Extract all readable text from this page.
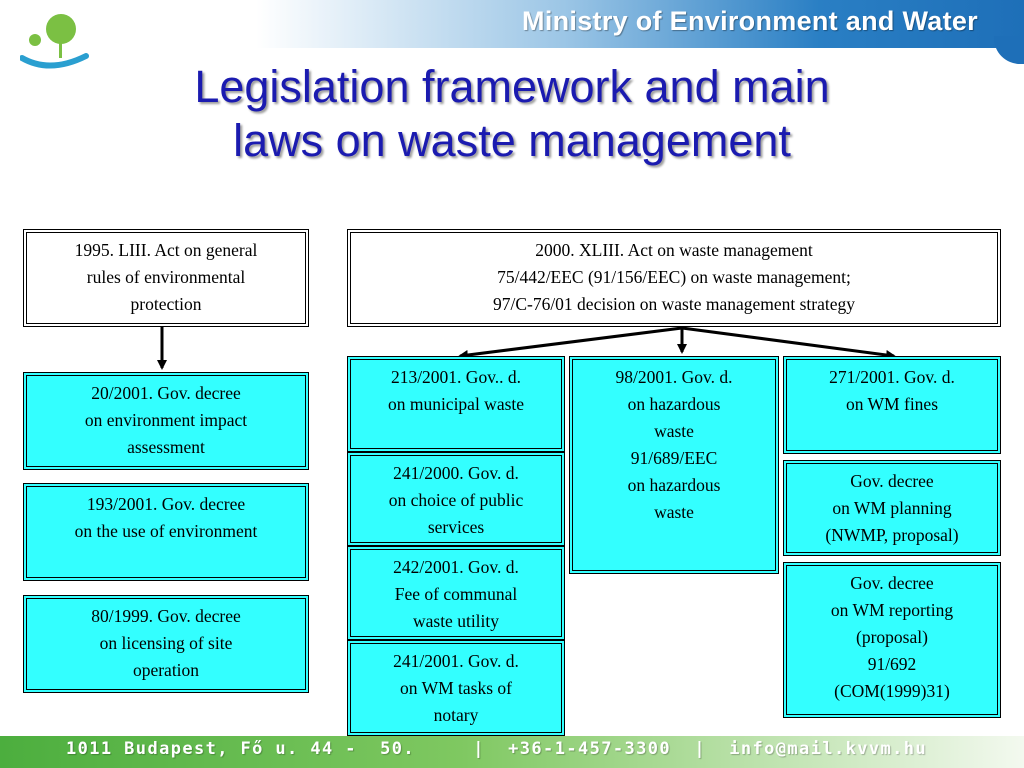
Ministry of Environment and Water
Legislation framework and main
laws on waste management
1995. LIII. Act on general
rules of environmental
protection
20/2001. Gov. decree
on environment impact
assessment
193/2001. Gov. decree
on the use of environment
80/1999. Gov. decree
on licensing of site
operation
2000. XLIII. Act on waste management
75/442/EEC (91/156/EEC) on waste management;
97/C-76/01 decision on waste management strategy
213/2001. Gov.. d.
on municipal waste
241/2000. Gov. d.
on choice of public
services
242/2001. Gov. d.
Fee of communal
waste utility
241/2001. Gov. d.
on WM tasks of
notary
98/2001. Gov. d.
on hazardous
waste
91/689/EEC
on hazardous
waste
271/2001. Gov. d.
on WM fines
Gov. decree
on WM planning
(NWMP, proposal)
Gov. decree
on WM reporting
(proposal)
91/692
(COM(1999)31)
1011 Budapest, Fő u. 44 -  50.	| +36-1-457-3300 | info@mail.kvvm.hu
